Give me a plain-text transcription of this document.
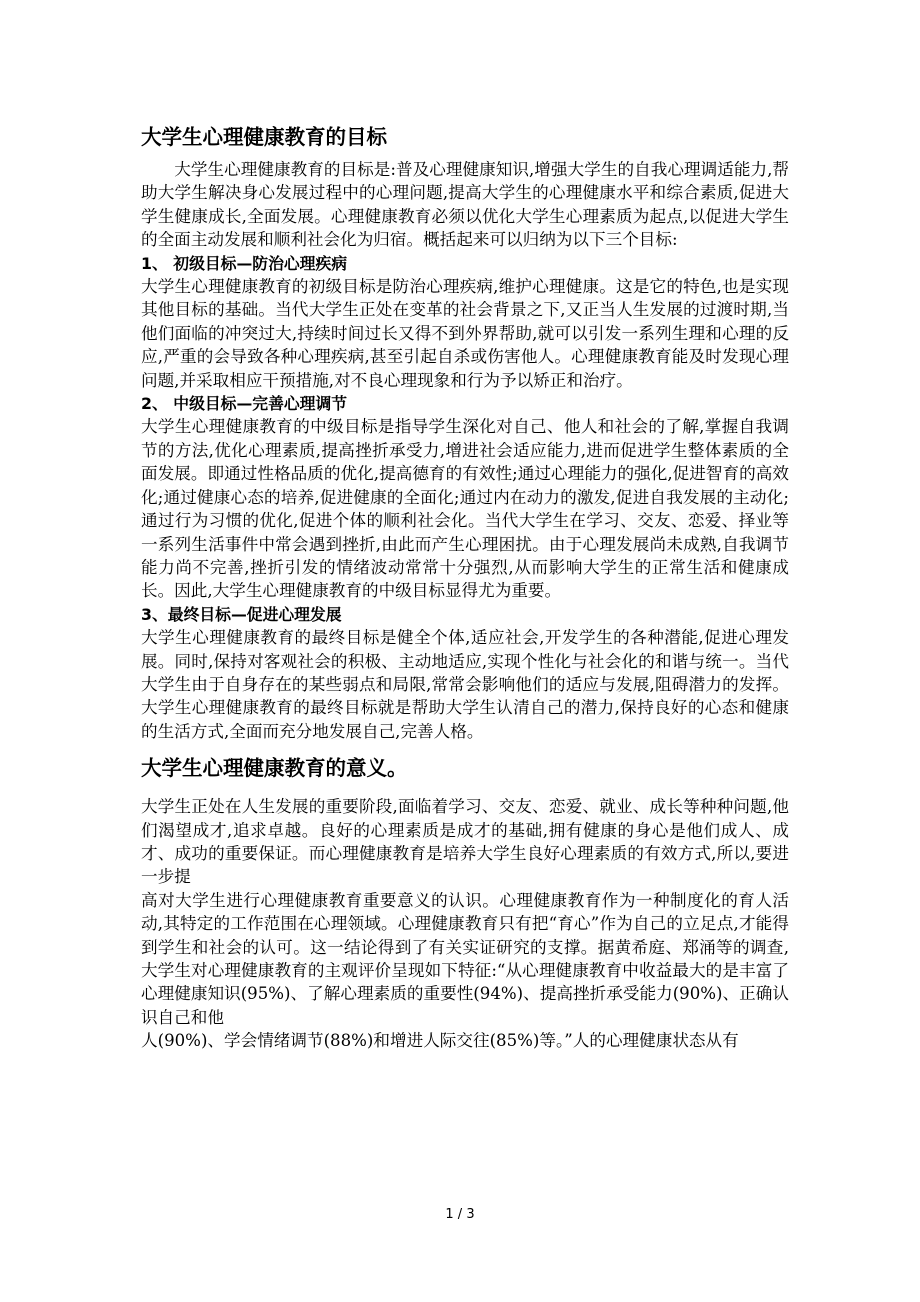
大学生心理健康教育的目标

大学生心理健康教育的目标是:普及心理健康知识,增强大学生的自我心理调适能力,帮助大学生解决身心发展过程中的心理问题,提高大学生的心理健康水平和综合素质,促进大学生健康成长,全面发展。心理健康教育必须以优化大学生心理素质为起点,以促进大学生的全面主动发展和顺利社会化为归宿。概括起来可以归纳为以下三个目标:

1、 初级目标—防治心理疾病

大学生心理健康教育的初级目标是防治心理疾病,维护心理健康。这是它的特色,也是实现其他目标的基础。当代大学生正处在变革的社会背景之下,又正当人生发展的过渡时期,当他们面临的冲突过大,持续时间过长又得不到外界帮助,就可以引发一系列生理和心理的反应,严重的会导致各种心理疾病,甚至引起自杀或伤害他人。心理健康教育能及时发现心理问题,并采取相应干预措施,对不良心理现象和行为予以矫正和治疗。

2、 中级目标—完善心理调节

大学生心理健康教育的中级目标是指导学生深化对自己、他人和社会的了解,掌握自我调节的方法,优化心理素质,提高挫折承受力,增进社会适应能力,进而促进学生整体素质的全面发展。即通过性格品质的优化,提高德育的有效性;通过心理能力的强化,促进智育的高效化;通过健康心态的培养,促进健康的全面化;通过内在动力的激发,促进自我发展的主动化;通过行为习惯的优化,促进个体的顺利社会化。当代大学生在学习、交友、恋爱、择业等一系列生活事件中常会遇到挫折,由此而产生心理困扰。由于心理发展尚未成熟,自我调节能力尚不完善,挫折引发的情绪波动常常十分强烈,从而影响大学生的正常生活和健康成长。因此,大学生心理健康教育的中级目标显得尤为重要。

3、最终目标—促进心理发展

大学生心理健康教育的最终目标是健全个体,适应社会,开发学生的各种潜能,促进心理发展。同时,保持对客观社会的积极、主动地适应,实现个性化与社会化的和谐与统一。当代大学生由于自身存在的某些弱点和局限,常常会影响他们的适应与发展,阻碍潜力的发挥。大学生心理健康教育的最终目标就是帮助大学生认清自己的潜力,保持良好的心态和健康的生活方式,全面而充分地发展自己,完善人格。

大学生心理健康教育的意义。

大学生正处在人生发展的重要阶段,面临着学习、交友、恋爱、就业、成长等种种问题,他们渴望成才,追求卓越。良好的心理素质是成才的基础,拥有健康的身心是他们成人、成才、成功的重要保证。而心理健康教育是培养大学生良好心理素质的有效方式,所以,要进一步提

高对大学生进行心理健康教育重要意义的认识。心理健康教育作为一种制度化的育人活动,其特定的工作范围在心理领域。心理健康教育只有把“育心”作为自己的立足点,才能得到学生和社会的认可。这一结论得到了有关实证研究的支撑。据黄希庭、郑涌等的调查,大学生对心理健康教育的主观评价呈现如下特征:“从心理健康教育中收益最大的是丰富了心理健康知识(95%)、了解心理素质的重要性(94%)、提高挫折承受能力(90%)、正确认识自己和他

人(90%)、学会情绪调节(88%)和增进人际交往(85%)等。”人的心理健康状态从有

1 / 3
